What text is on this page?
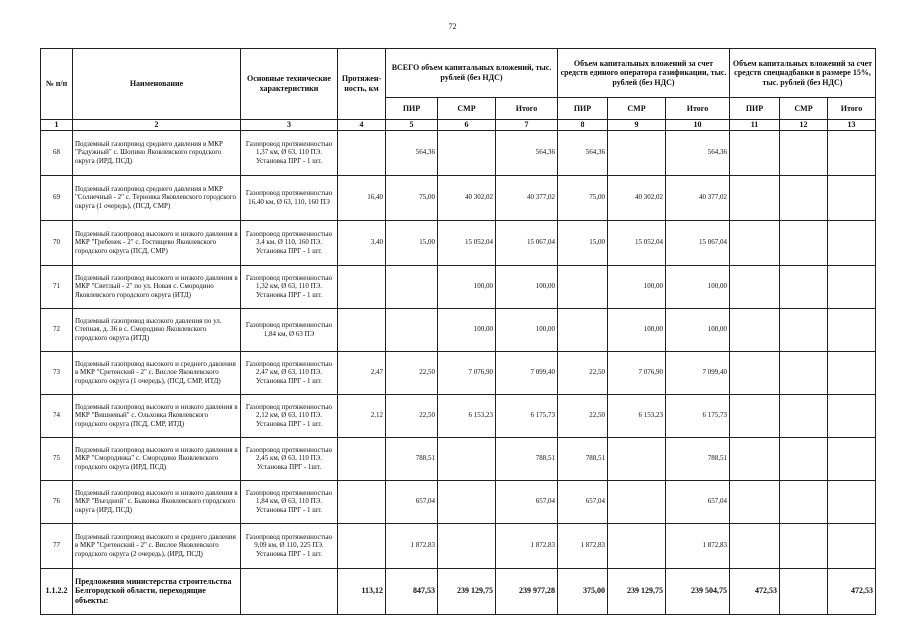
72
№ п/п	Наименование	Основные технические характеристики	Протяжен-ность, км	ВСЕГО объем капитальных вложений, тыс. рублей (без НДС)			Объем капитальных вложений за счет средств единого оператора газификации, тыс. рублей (без НДС)			Объем капитальных вложений за счет средств спецнадбавки в размере 15%, тыс. рублей (без НДС)		
				ПИР	СМР	Итого	ПИР	СМР	Итого	ПИР	СМР	Итого
1	2	3	4	5	6	7	8	9	10	11	12	13
68	Подземный газопровод среднего давления в МКР "Радужный" с. Шопино Яковлевского городского округа (ИРД, ПСД)	Газопровод протяженностью 1,37 км, Ø 63, 110 ПЭ. Установка ПРГ - 1 шт.		564,36		564,36	564,36		564,36			
69	Подземный газопровод среднего давления в МКР "Солнечный - 2" с. Терновка Яковлевского городского округа (1 очередь), (ПСД, СМР)	Газопровод протяженностью 16,40 км, Ø 63, 110, 160 ПЭ	16,40	75,00	40 302,02	40 377,02	75,00	40 302,02	40 377,02			
70	Подземный газопровод высокого и низкого давления в МКР "Гребенек - 2" с. Гостищево Яковлевского городского округа (ПСД, СМР)	Газопровод протяженностью 3,4 км, Ø 110, 160 ПЭ. Установка ПРГ - 1 шт.	3,40	15,00	15 052,04	15 067,04	15,00	15 052,04	15 067,04			
71	Подземный газопровод высокого и низкого давления в МКР "Светлый - 2" по ул. Новая с. Смородино Яковлевского городского округа (ИТД)	Газопровод протяженностью 1,32 км, Ø 63, 110 ПЭ. Установка ПРГ - 1 шт.			100,00	100,00		100,00	100,00			
72	Подземный газопровод высокого давления по ул. Степная, д. 36 в с. Смородино Яковлевского городского округа (ИТД)	Газопровод протяженностью 1,84 км, Ø 63 ПЭ			100,00	100,00		100,00	100,00			
73	Подземный газопровод высокого и среднего давления в МКР "Сретенский - 2" с. Вислое Яковлевского городского округа (1 очередь), (ПСД, СМР, ИТД)	Газопровод протяженностью 2,47 км, Ø 63, 110 ПЭ. Установка ПРГ - 1 шт.	2,47	22,50	7 076,90	7 099,40	22,50	7 076,90	7 099,40			
74	Подземный газопровод высокого и низкого давления в МКР "Вишневый" с. Ольховка Яковлевского городского округа (ПСД, СМР, ИТД)	Газопровод протяженностью 2,12 км, Ø 63, 110 ПЭ. Установка ПРГ - 1 шт.	2,12	22,50	6 153,23	6 175,73	22,50	6 153,23	6 175,73			
75	Подземный газопровод высокого и низкого давления в МКР "Смородинка" с. Смородино Яковлевского городского округа (ИРД, ПСД)	Газопровод протяженностью 2,45 км, Ø 63, 110 ПЭ. Установка ПРГ - 1шт.		788,51		788,51	788,51		788,51			
76	Подземный газопровод высокого и низкого давления в МКР "Въездной" с. Быковка Яковлевского городского округа (ИРД, ПСД)	Газопровод протяженностью 1,84 км, Ø 63, 110 ПЭ. Установка ПРГ - 1 шт.		657,04		657,04	657,04		657,04			
77	Подземный газопровод высокого и среднего давления в МКР "Сретенский - 2" с. Вислое Яковлевского городского округа (2 очередь), (ИРД, ПСД)	Газопровод протяженностью 9,09 км, Ø 110, 225 ПЭ. Установка ПРГ - 1 шт.		1 872,83		1 872,83	1 872,83		1 872,83			
1.1.2.2	Предложения министерства строительства Белгородской области, переходящие объекты:		113,12	847,53	239 129,75	239 977,28	375,00	239 129,75	239 504,75	472,53		472,53
